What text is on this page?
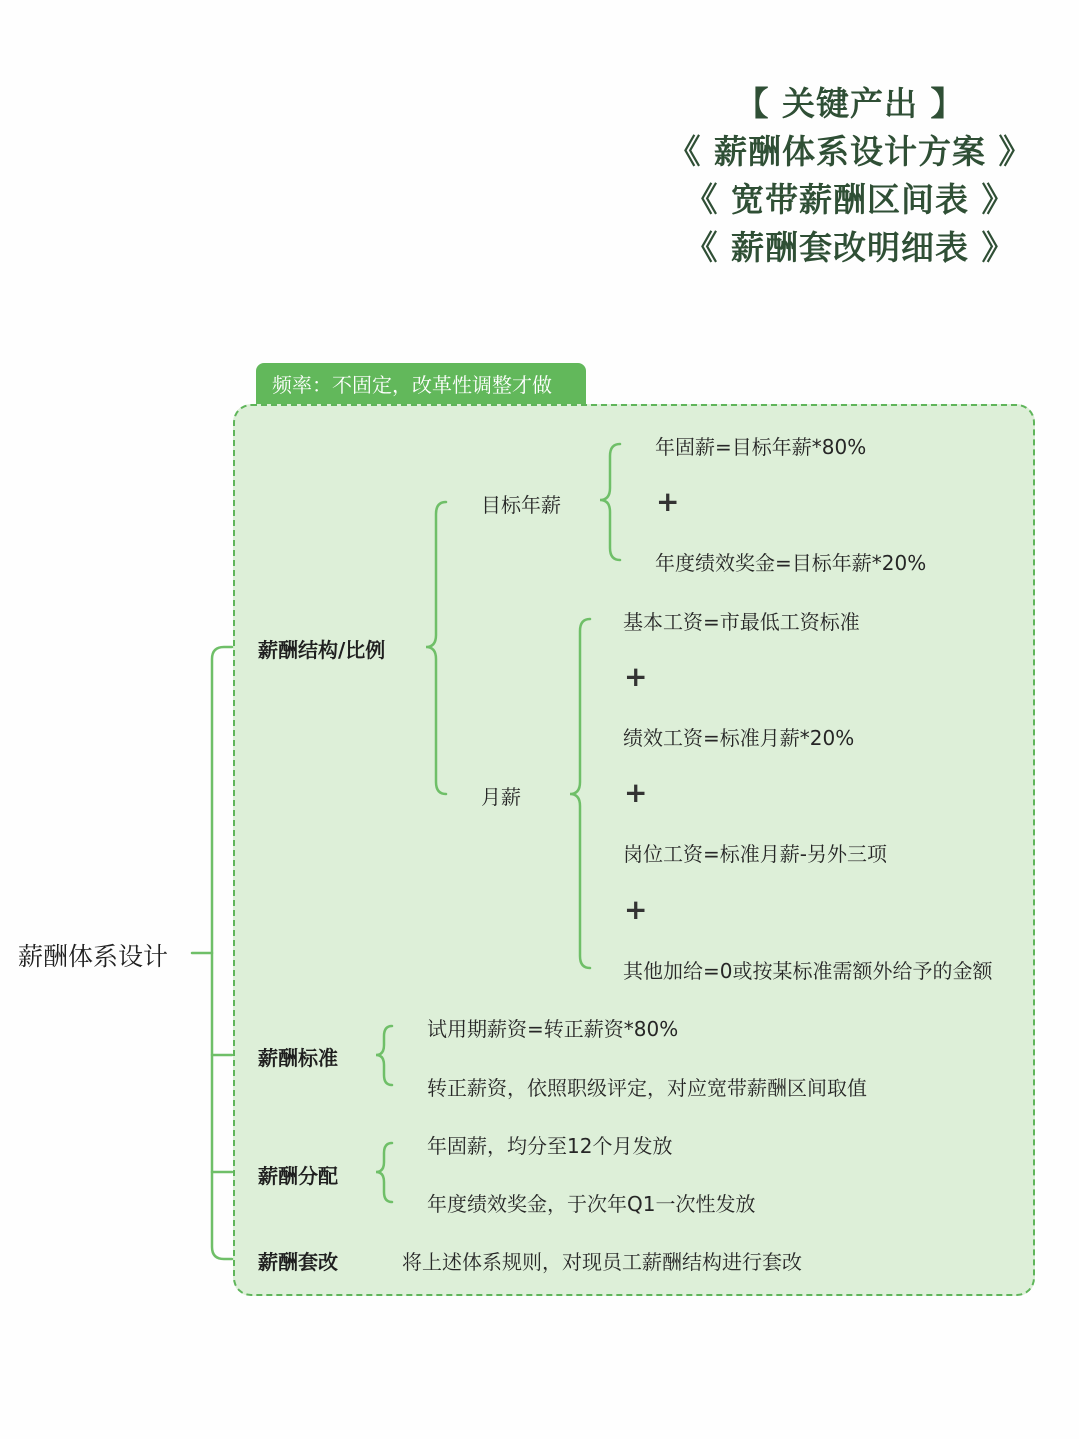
【 关键产出 】
《 薪酬体系设计方案 》
《 宽带薪酬区间表 》
《 薪酬套改明细表 》
频率：不固定，改革性调整才做
薪酬体系设计
薪酬结构/比例
薪酬标准
薪酬分配
薪酬套改
目标年薪
月薪
年固薪=目标年薪*80%
+
年度绩效奖金=目标年薪*20%
基本工资=市最低工资标准
+
绩效工资=标准月薪*20%
+
岗位工资=标准月薪-另外三项
+
其他加给=0或按某标准需额外给予的金额
试用期薪资=转正薪资*80%
转正薪资，依照职级评定，对应宽带薪酬区间取值
年固薪，均分至12个月发放
年度绩效奖金，于次年Q1一次性发放
将上述体系规则，对现员工薪酬结构进行套改
